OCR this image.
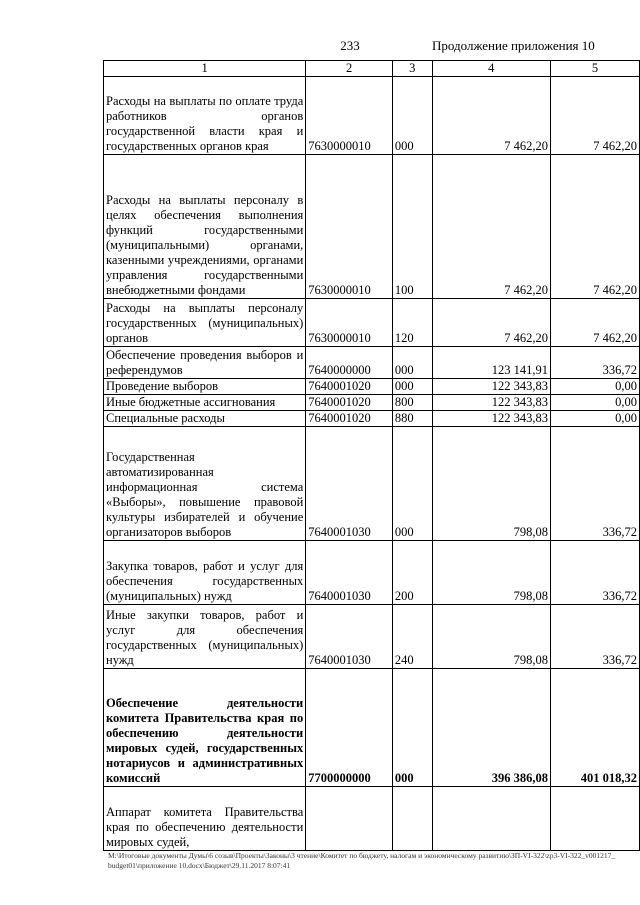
233	Продолжение приложения 10
1	2	3	4	5
Расходы на выплаты по оплате труда работников органов государственной власти края и государственных органов края	7630000010	000	7 462,20	7 462,20
Расходы на выплаты персоналу в целях обеспечения выполнения функций государственными (муниципальными) органами, казенными учреждениями, органами управления государственными внебюджетными фондами	7630000010	100	7 462,20	7 462,20
Расходы на выплаты персоналу государственных (муниципальных) органов	7630000010	120	7 462,20	7 462,20
Обеспечение проведения выборов и референдумов	7640000000	000	123 141,91	336,72
Проведение выборов	7640001020	000	122 343,83	0,00
Иные бюджетные ассигнования	7640001020	800	122 343,83	0,00
Специальные расходы	7640001020	880	122 343,83	0,00
Государственная автоматизированная информационная система «Выборы», повышение правовой культуры избирателей и обучение организаторов выборов	7640001030	000	798,08	336,72
Закупка товаров, работ и услуг для обеспечения государственных (муниципальных) нужд	7640001030	200	798,08	336,72
Иные закупки товаров, работ и услуг для обеспечения государственных (муниципальных) нужд	7640001030	240	798,08	336,72
Обеспечение деятельности комитета Правительства края по обеспечению деятельности мировых судей, государственных нотариусов и административных комиссий	7700000000	000	396 386,08	401 018,32
Аппарат комитета Правительства края по обеспечению деятельности мировых судей,				
M:\Итоговые документы Думы\6 созыв\Проекты\Законы\3 чтение\Комитет по бюджету, налогам и экономическому развитию\ЗП-VI-322\zp3-VI-322_v001217_budget01\приложение 10.docx\Бюджет\29.11.2017 8:07:41
